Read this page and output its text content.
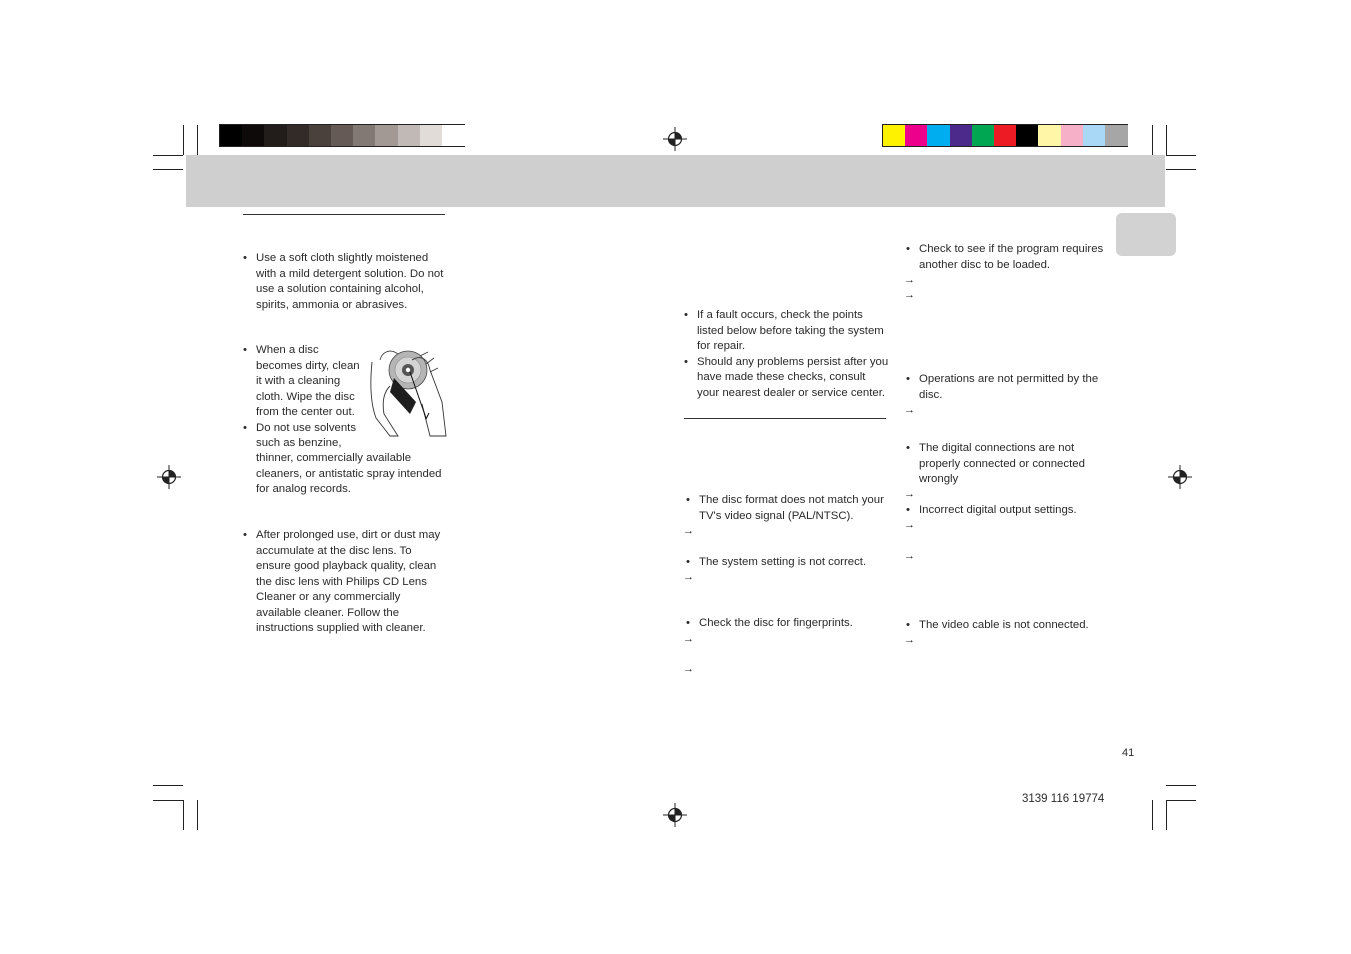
• Use a soft cloth slightly moistened with a mild detergent solution. Do not use a solution containing alcohol, spirits, ammonia or abrasives.
• When a disc
becomes dirty, clean
it with a cleaning
cloth. Wipe the disc
from the center out.
• Do not use solvents
such as benzine,
thinner, commercially available
cleaners, or antistatic spray intended
for analog records.
• After prolonged use, dirt or dust may accumulate at the disc lens. To ensure good playback quality, clean the disc lens with Philips CD Lens Cleaner or any commercially available cleaner. Follow the instructions supplied with cleaner.
• If a fault occurs, check the points listed below before taking the system for repair.
• Should any problems persist after you have made these checks, consult your nearest dealer or service center.
• The disc format does not match your TV's video signal (PAL/NTSC).
→
• The system setting is not correct.
→
• Check the disc for fingerprints.
→
→
• Check to see if the program requires another disc to be loaded.
→
→
• Operations are not permitted by the disc.
→
• The digital connections are not properly connected or connected wrongly
→
• Incorrect digital output settings.
→
→
• The video cable is not connected.
→
41
3139 116 19774
